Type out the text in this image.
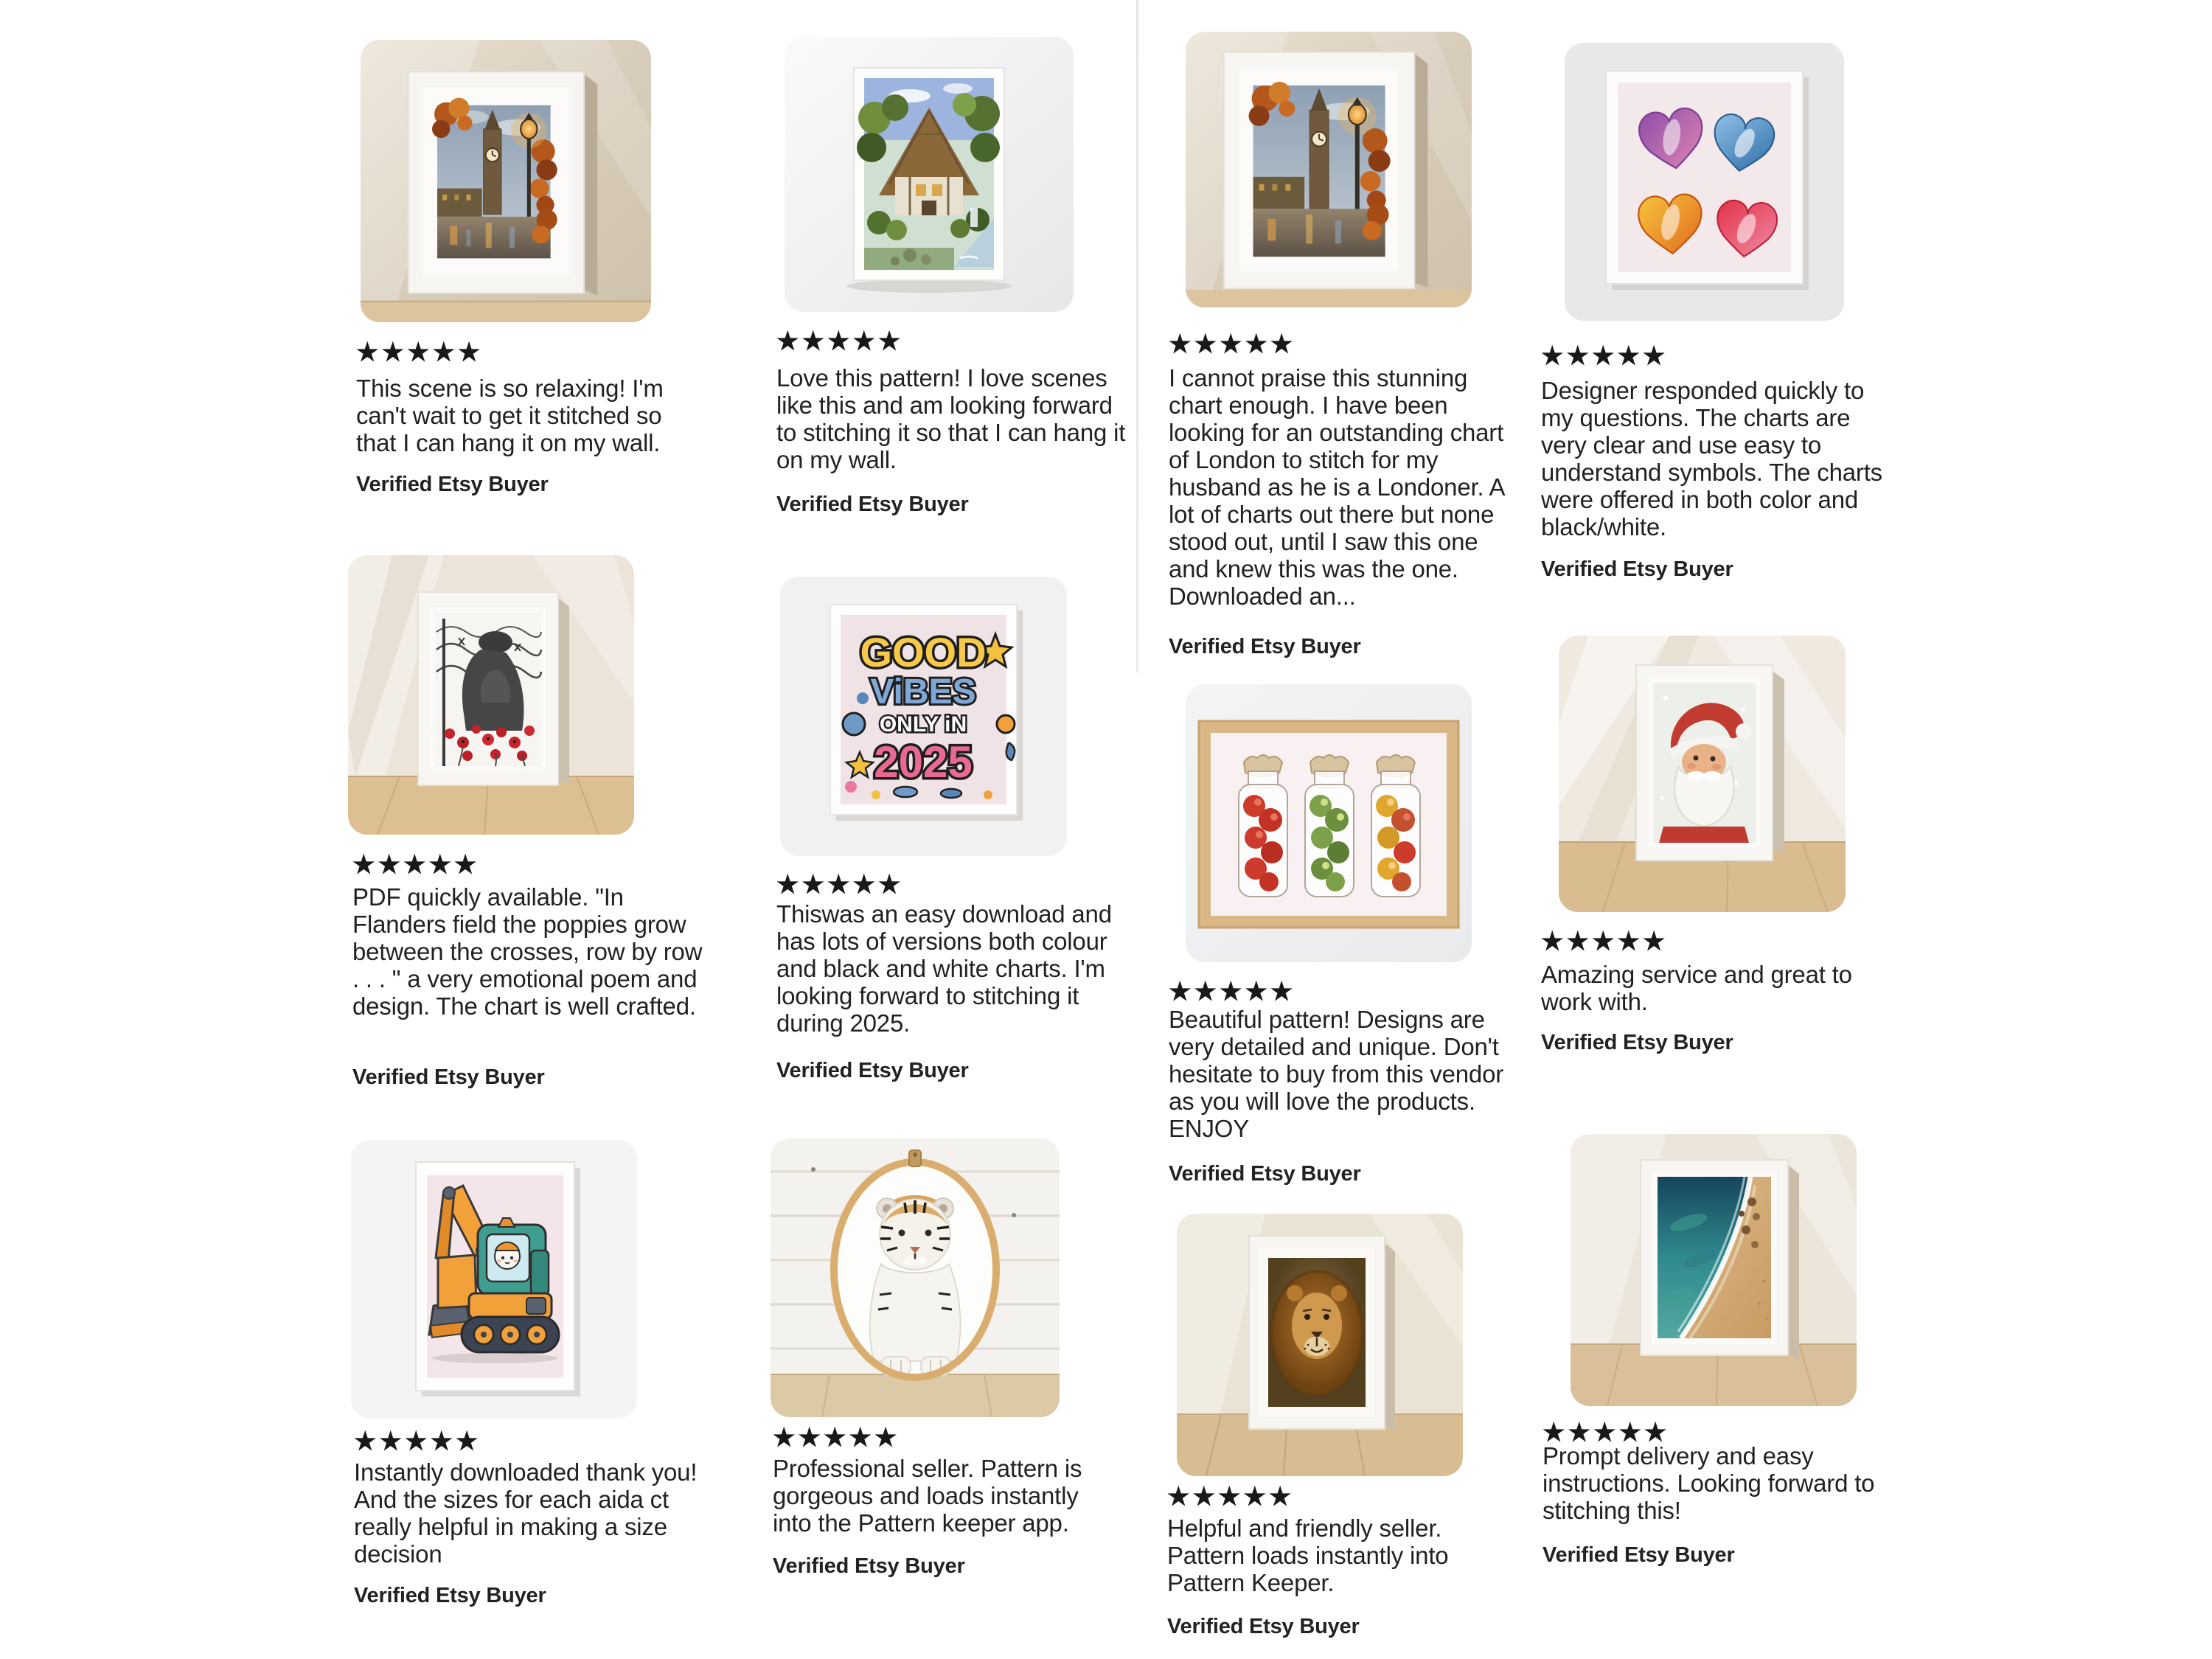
★★★★★
This scene is so relaxing! I'm can't wait to get it stitched so that I can hang it on my wall.
Verified Etsy Buyer
★★★★★
Love this pattern! I love scenes like this and am looking forward to stitching it so that I can hang it on my wall.
Verified Etsy Buyer
★★★★★
I cannot praise this stunning chart enough. I have been looking for an outstanding chart of London to stitch for my husband as he is a Londoner. A lot of charts out there but none stood out, until I saw this one and knew this was the one. Downloaded an...
Verified Etsy Buyer
★★★★★
Designer responded quickly to my questions. The charts are very clear and use easy to understand symbols. The charts were offered in both color and black/white.
Verified Etsy Buyer
★★★★★
PDF quickly available. "In Flanders field the poppies grow between the crosses, row by row . . . " a very emotional poem and design. The chart is well crafted.
Verified Etsy Buyer
GOOD
ViBES
ONLY iN
2025
★★★★★
Thiswas an easy download and has lots of versions both colour and black and white charts. I'm looking forward to stitching it during 2025.
Verified Etsy Buyer
★★★★★
Beautiful pattern! Designs are very detailed and unique. Don't hesitate to buy from this vendor as you will love the products. ENJOY
Verified Etsy Buyer
★★★★★
Amazing service and great to work with.
Verified Etsy Buyer
★★★★★
Instantly downloaded thank you! And the sizes for each aida ct really helpful in making a size decision
Verified Etsy Buyer
★★★★★
Professional seller. Pattern is gorgeous and loads instantly into the Pattern keeper app.
Verified Etsy Buyer
★★★★★
Helpful and friendly seller. Pattern loads instantly into Pattern Keeper.
Verified Etsy Buyer
★★★★★
Prompt delivery and easy instructions. Looking forward to stitching this!
Verified Etsy Buyer
